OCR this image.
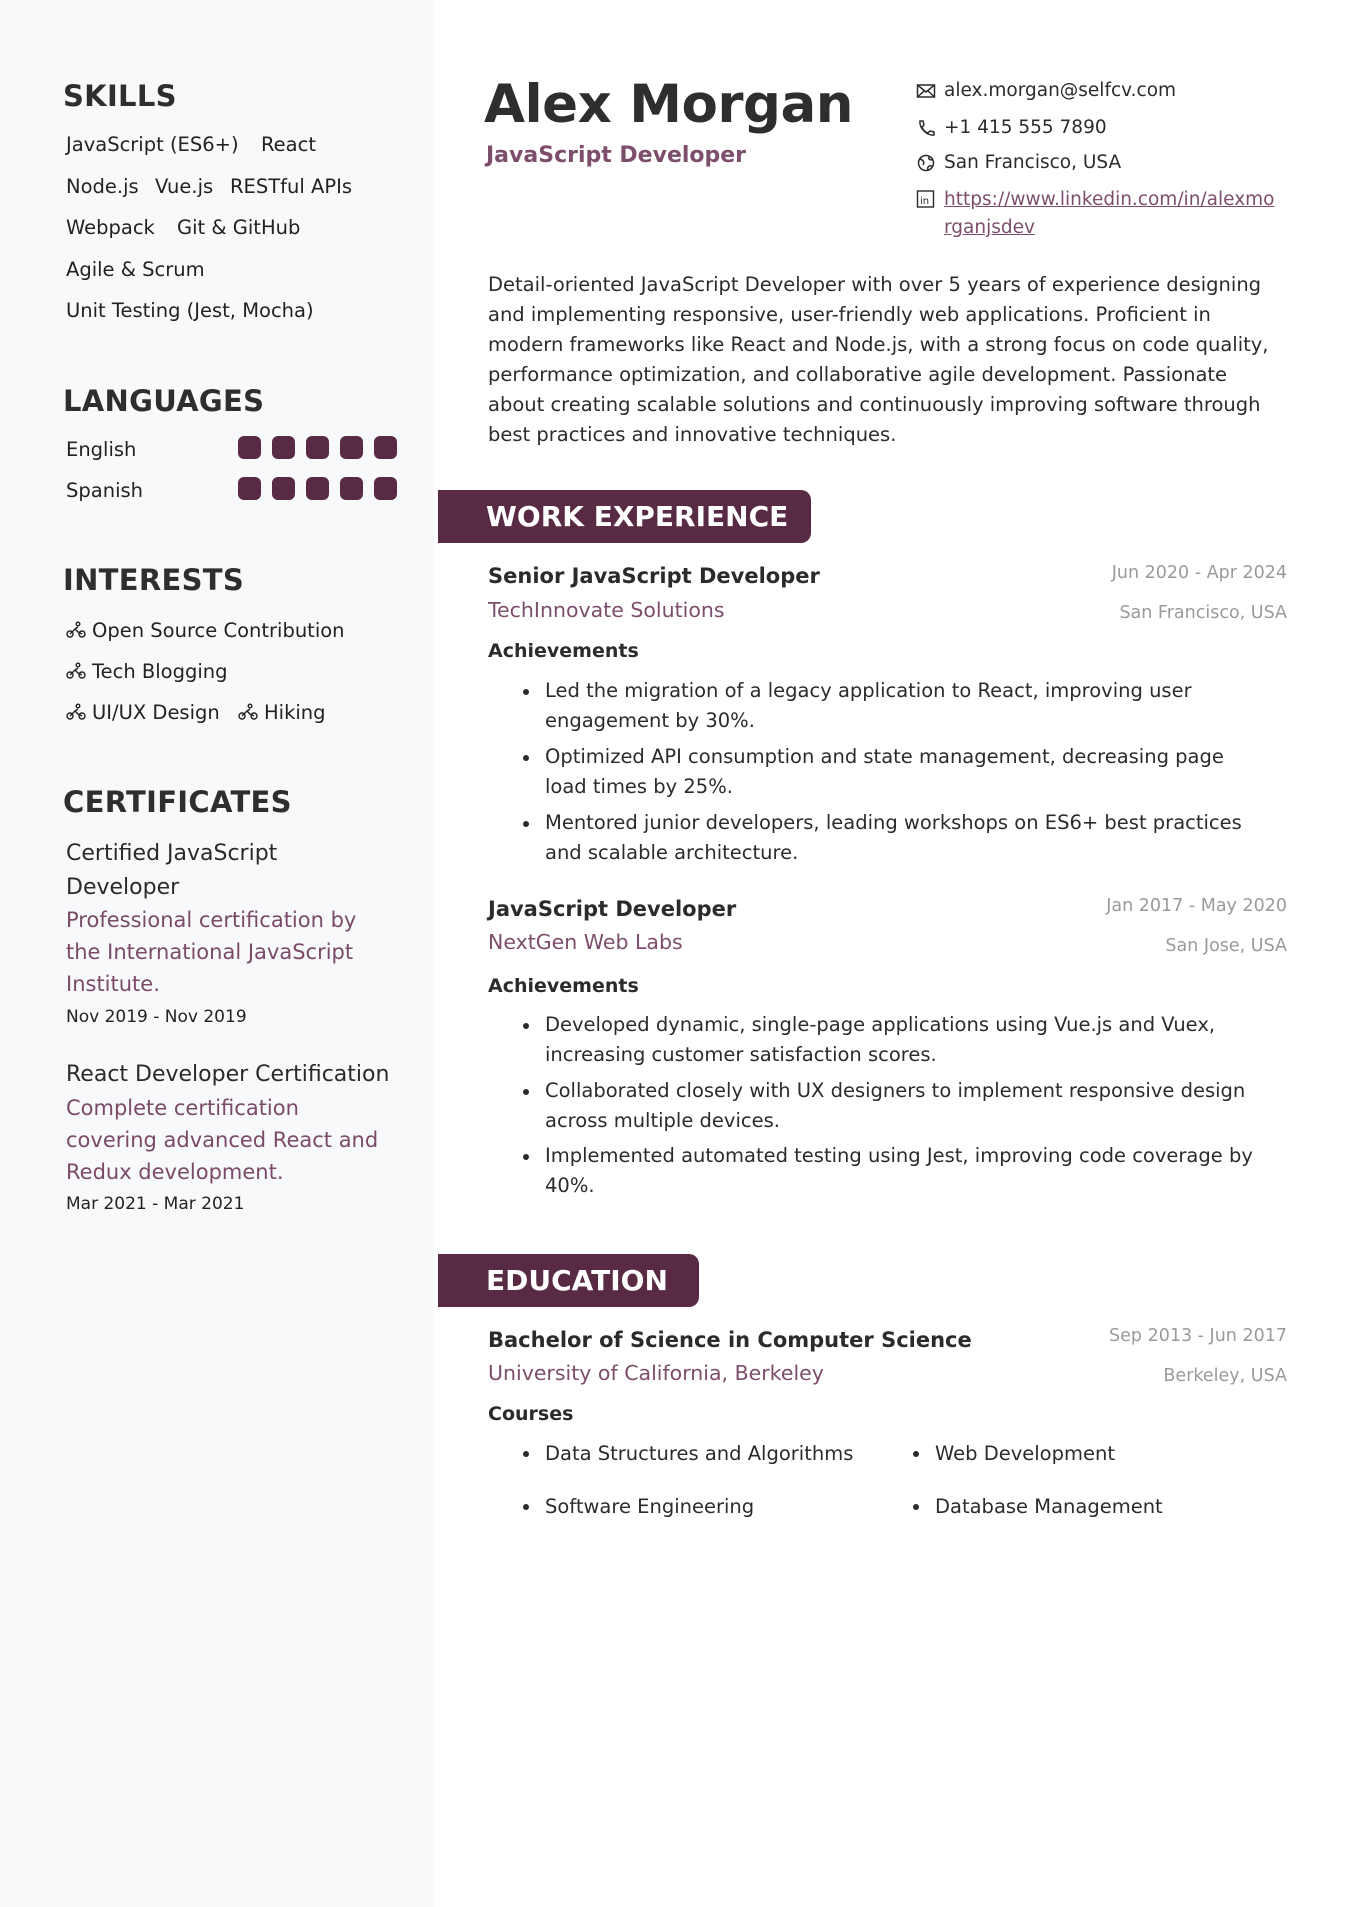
SKILLS
JavaScript (ES6+) React
Node.js Vue.js RESTful APIs
Webpack Git & GitHub
Agile & Scrum
Unit Testing (Jest, Mocha)
LANGUAGES
English
Spanish
INTERESTS
Open Source Contribution
Tech Blogging
UI/UX Design	Hiking
CERTIFICATES
Certified JavaScript
Developer
Professional certification by
the International JavaScript
Institute.
Nov 2019 - Nov 2019
React Developer Certification
Complete certification
covering advanced React and
Redux development.
Mar 2021 - Mar 2021
Alex Morgan
JavaScript Developer
alex.morgan@selfcv.com
+1 415 555 7890
San Francisco, USA
in https://www.linkedin.com/in/alexmo
rganjsdev
Detail-oriented JavaScript Developer with over 5 years of experience designing
and implementing responsive, user-friendly web applications. Proficient in
modern frameworks like React and Node.js, with a strong focus on code quality,
performance optimization, and collaborative agile development. Passionate
about creating scalable solutions and continuously improving software through
best practices and innovative techniques.
WORK EXPERIENCE
Senior JavaScript Developer	Jun 2020 - Apr 2024
TechInnovate Solutions	San Francisco, USA
Achievements
Led the migration of a legacy application to React, improving user
engagement by 30%.
Optimized API consumption and state management, decreasing page
load times by 25%.
Mentored junior developers, leading workshops on ES6+ best practices
and scalable architecture.
JavaScript Developer	Jan 2017 - May 2020
NextGen Web Labs	San Jose, USA
Achievements
Developed dynamic, single-page applications using Vue.js and Vuex,
increasing customer satisfaction scores.
Collaborated closely with UX designers to implement responsive design
across multiple devices.
Implemented automated testing using Jest, improving code coverage by
40%.
EDUCATION
Bachelor of Science in Computer Science	Sep 2013 - Jun 2017
University of California, Berkeley	Berkeley, USA
Courses
Data Structures and Algorithms	Web Development
Software Engineering	Database Management
